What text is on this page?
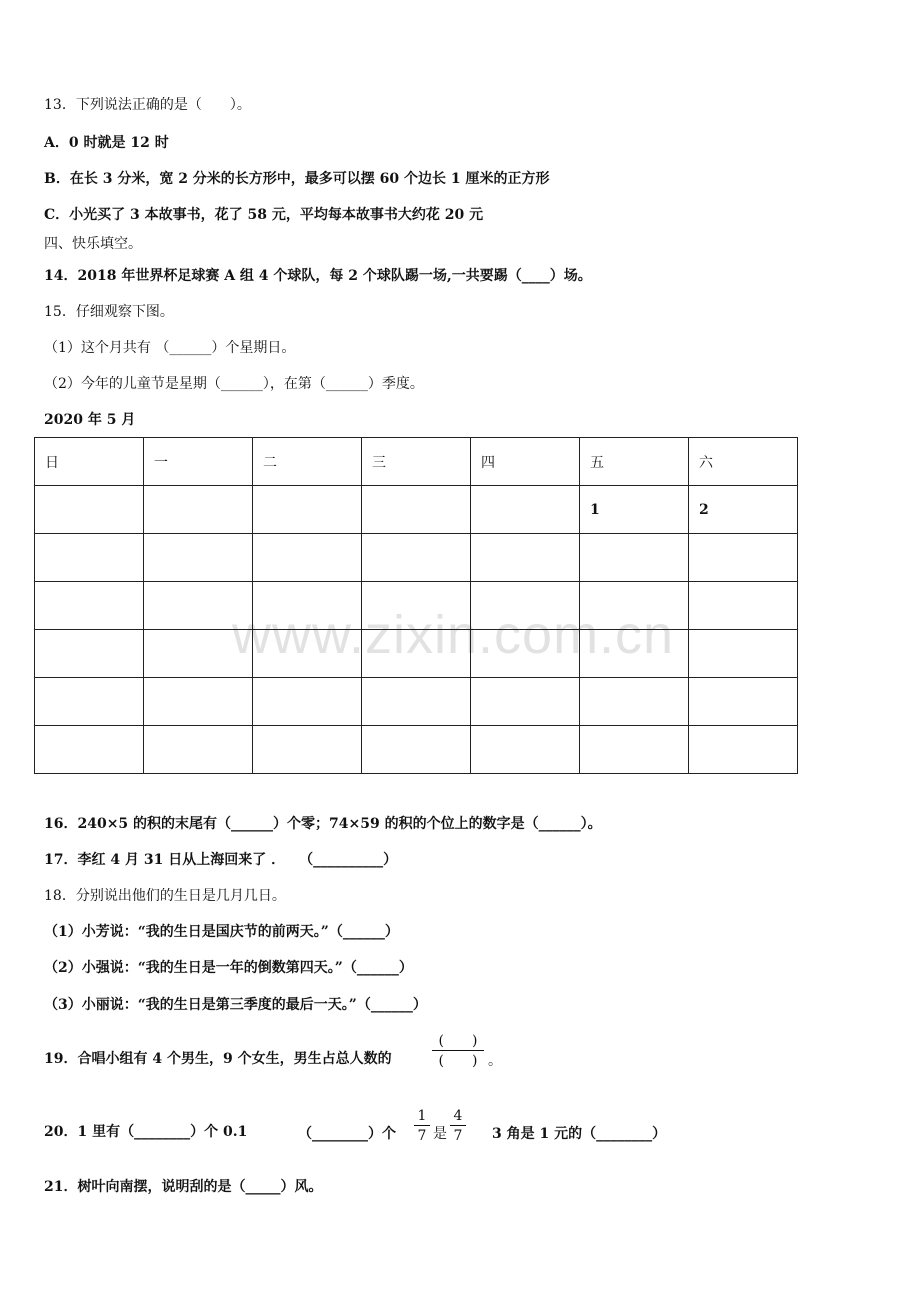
www.zixin.com.cn
13．下列说法正确的是（　　）。
A．0 时就是 12 时
B．在长 3 分米，宽 2 分米的长方形中，最多可以摆 60 个边长 1 厘米的正方形
C．小光买了 3 本故事书，花了 58 元，平均每本故事书大约花 20 元
四、快乐填空。
14．2018 年世界杯足球赛 A 组 4 个球队，每 2 个球队踢一场,一共要踢（____）场。
15．仔细观察下图。
（1）这个月共有 （______）个星期日。
（2）今年的儿童节是星期（______），在第（______）季度。
2020 年 5 月
日	一	二	三	四	五	六
					1	2

16．240×5 的积的末尾有（______）个零；74×59 的积的个位上的数字是（______）。
17．李红 4 月 31 日从上海回来了 ．　　（__________）
18．分别说出他们的生日是几月几日。
（1）小芳说：“我的生日是国庆节的前两天。”（______）
（2）小强说：“我的生日是一年的倒数第四天。”（______）
（3）小丽说：“我的生日是第三季度的最后一天。”（______）
19．合唱小组有 4 个男生，9 个女生，男生占总人数的
(　　)
(　　) 。
20．1 里有（________）个 0.1	（________）个 $\frac{1}{7}$ 是 $\frac{4}{7} 3$ 角是 1 元的（________）
21．树叶向南摆，说明刮的是（_____）风。
